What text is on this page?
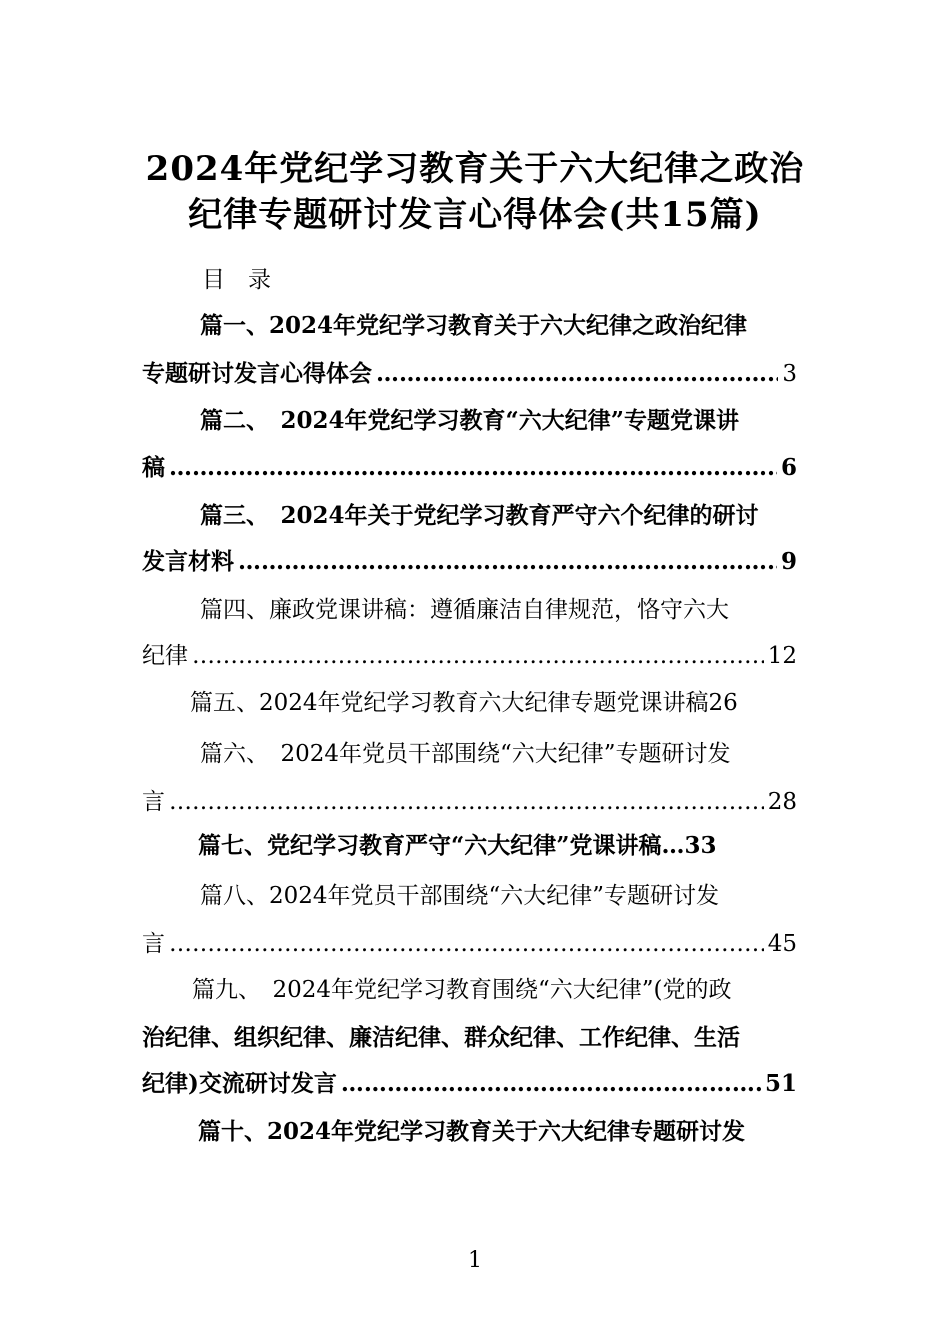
2024年党纪学习教育关于六大纪律之政治
纪律专题研讨发言心得体会(共15篇)
目　录
篇一、2024年党纪学习教育关于六大纪律之政治纪律
专题研讨发言心得体会 ……………………………………………………………………………………………………………………………………………………………………	3
篇二、　2024年党纪学习教育“六大纪律”专题党课讲
稿 ……………………………………………………………………………………………………………………………………………………………………	6
篇三、　2024年关于党纪学习教育严守六个纪律的研讨
发言材料 ……………………………………………………………………………………………………………………………………………………………………	9
篇四、廉政党课讲稿：遵循廉洁自律规范，恪守六大
纪律 ……………………………………………………………………………………………………………………………………………………………………	12
篇五、2024年党纪学习教育六大纪律专题党课讲稿26
篇六、　2024年党员干部围绕“六大纪律”专题研讨发
言 ……………………………………………………………………………………………………………………………………………………………………	28
篇七、党纪学习教育严守“六大纪律”党课讲稿…33
篇八、2024年党员干部围绕“六大纪律”专题研讨发
言 ……………………………………………………………………………………………………………………………………………………………………	45
篇九、　2024年党纪学习教育围绕“六大纪律”(党的政
治纪律、组织纪律、廉洁纪律、群众纪律、工作纪律、生活
纪律)交流研讨发言 ……………………………………………………………………………………………………………………………………………………………………	51
篇十、2024年党纪学习教育关于六大纪律专题研讨发
1
